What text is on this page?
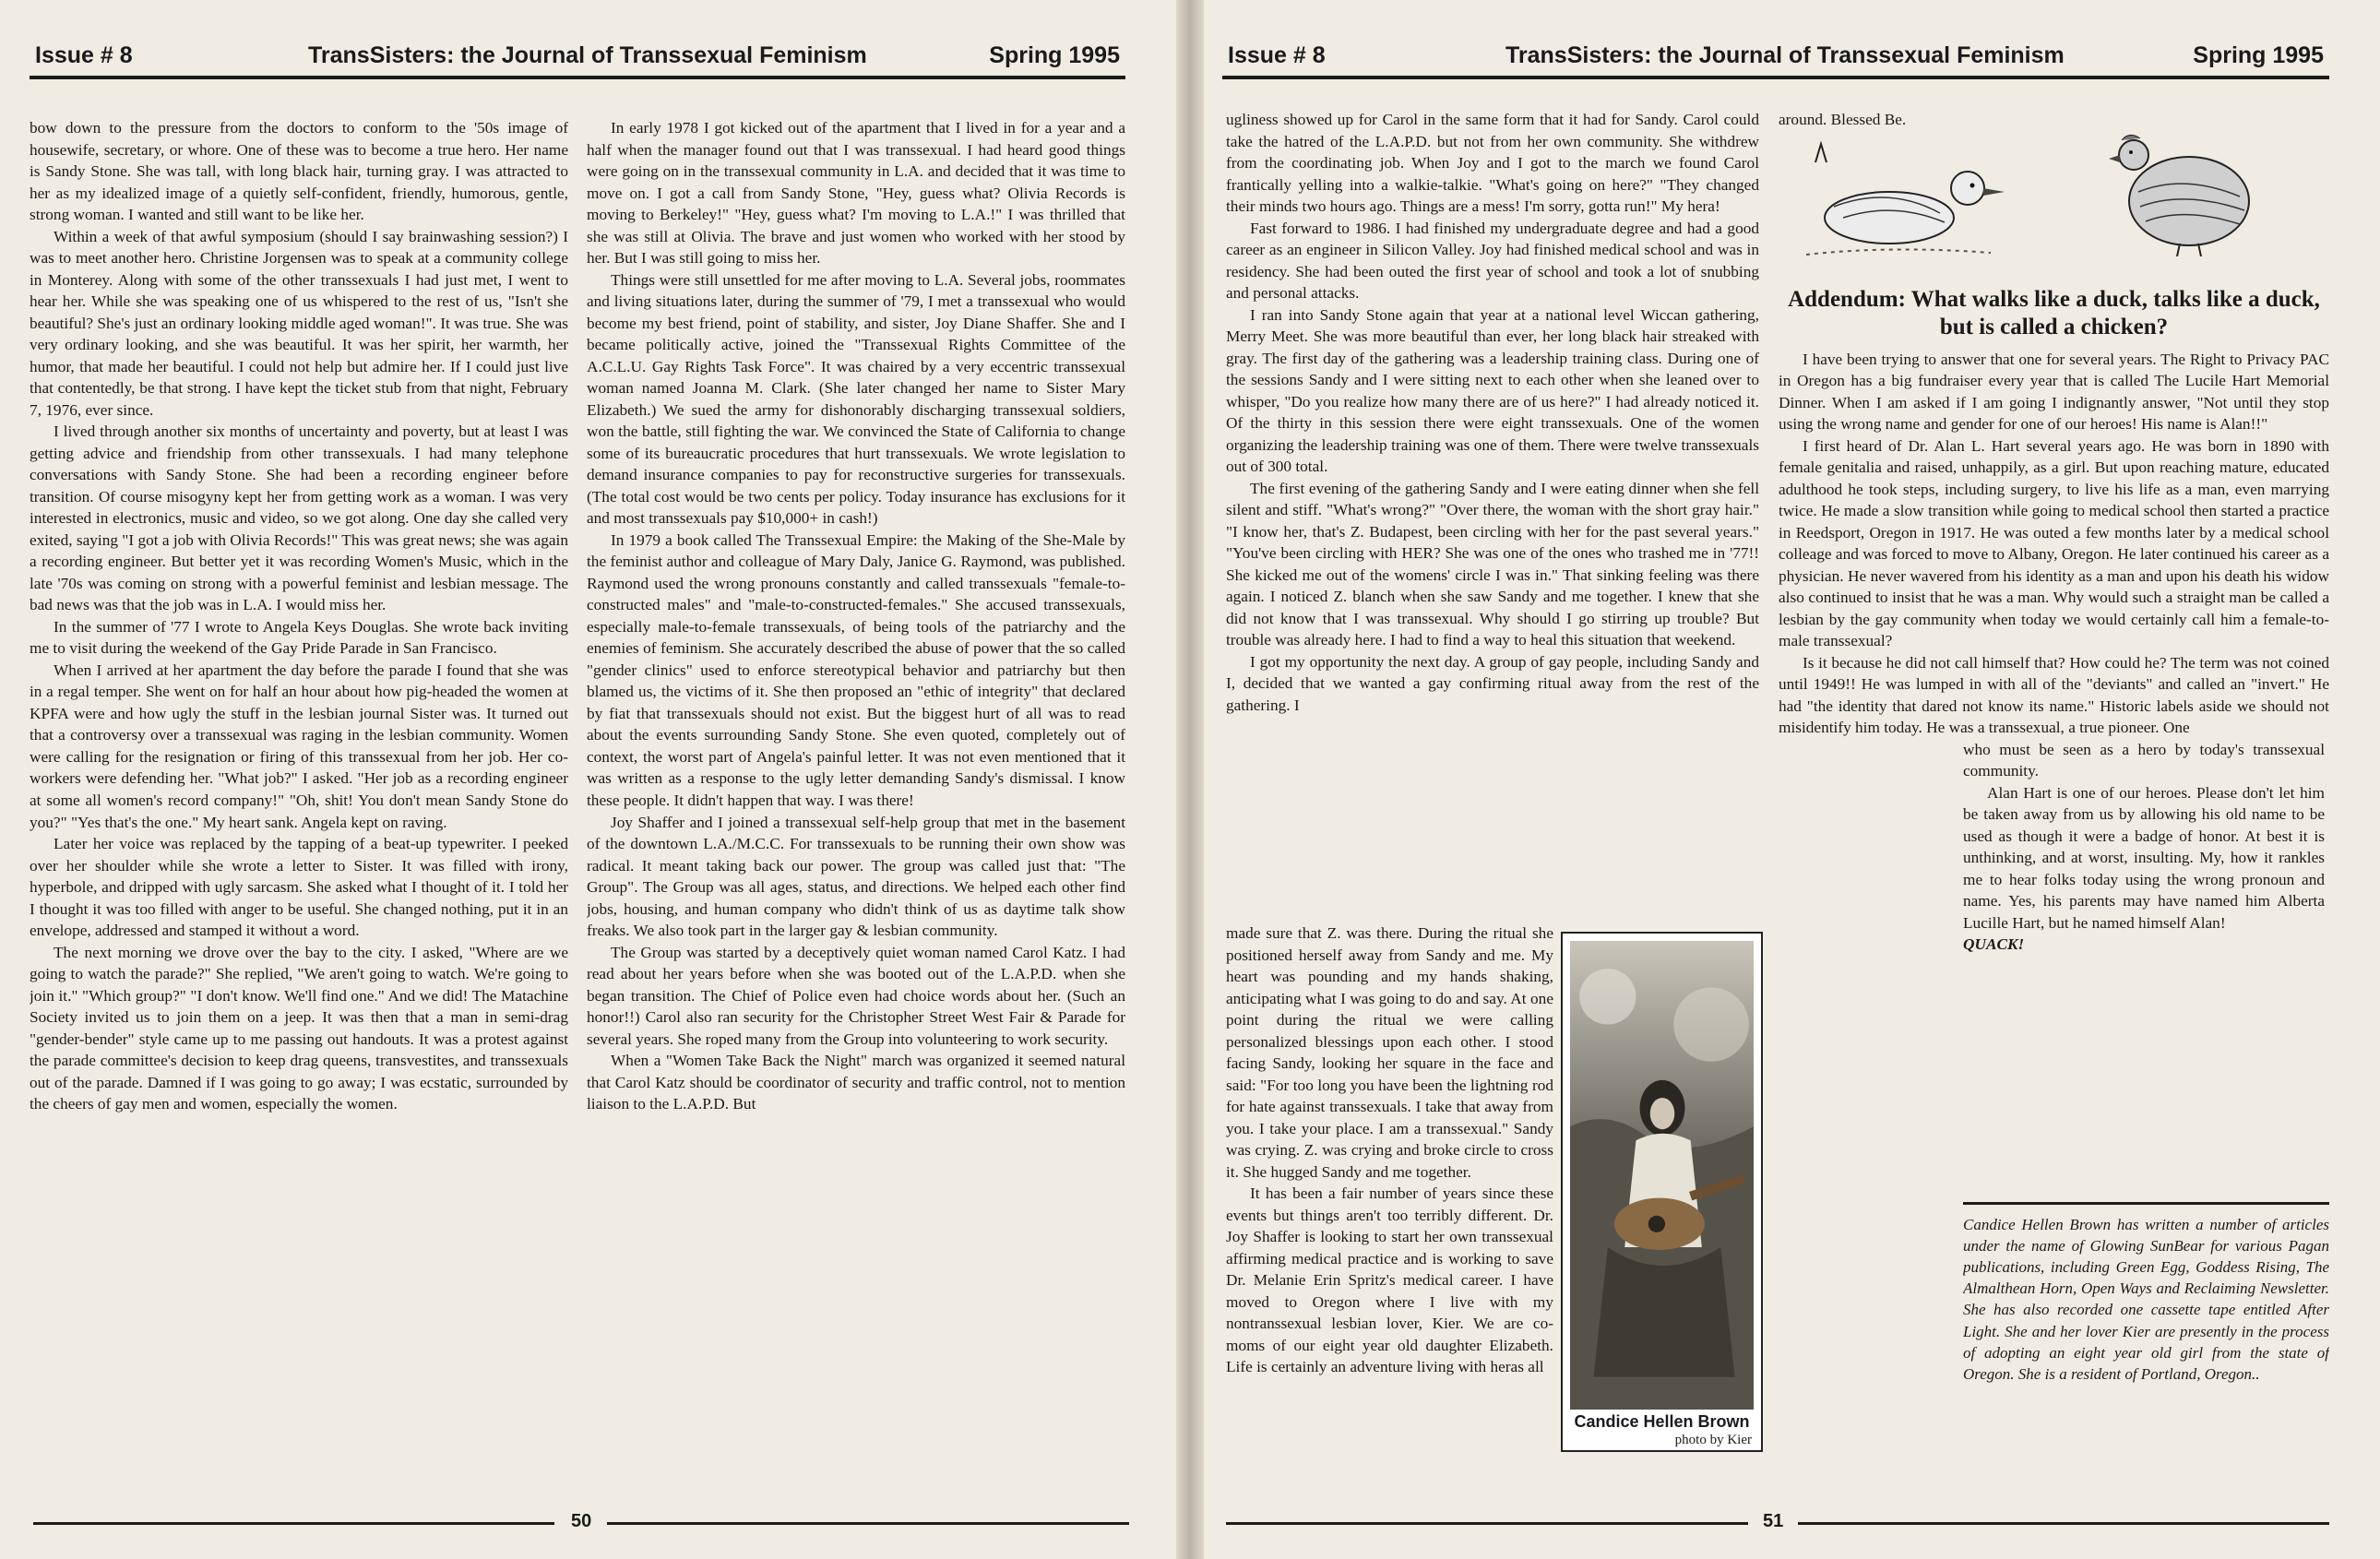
Issue # 8	TransSisters: the Journal of Transsexual Feminism	Spring 1995

bow down to the pressure from the doctors to conform to the '50s image of housewife, secretary, or whore. One of these was to become a true hero. Her name is Sandy Stone. She was tall, with long black hair, turning gray. I was attracted to her as my idealized image of a quietly self-confident, friendly, humorous, gentle, strong woman. I wanted and still want to be like her.

Within a week of that awful symposium (should I say brainwashing session?) I was to meet another hero. Christine Jorgensen was to speak at a community college in Monterey. Along with some of the other transsexuals I had just met, I went to hear her. While she was speaking one of us whispered to the rest of us, "Isn't she beautiful? She's just an ordinary looking middle aged woman!". It was true. She was very ordinary looking, and she was beautiful. It was her spirit, her warmth, her humor, that made her beautiful. I could not help but admire her. If I could just live that contentedly, be that strong. I have kept the ticket stub from that night, February 7, 1976, ever since.

I lived through another six months of uncertainty and poverty, but at least I was getting advice and friendship from other transsexuals. I had many telephone conversations with Sandy Stone. She had been a recording engineer before transition. Of course misogyny kept her from getting work as a woman. I was very interested in electronics, music and video, so we got along. One day she called very exited, saying "I got a job with Olivia Records!" This was great news; she was again a recording engineer. But better yet it was recording Women's Music, which in the late '70s was coming on strong with a powerful feminist and lesbian message. The bad news was that the job was in L.A. I would miss her.

In the summer of '77 I wrote to Angela Keys Douglas. She wrote back inviting me to visit during the weekend of the Gay Pride Parade in San Francisco.

When I arrived at her apartment the day before the parade I found that she was in a regal temper. She went on for half an hour about how pig-headed the women at KPFA were and how ugly the stuff in the lesbian journal Sister was. It turned out that a controversy over a transsexual was raging in the lesbian community. Women were calling for the resignation or firing of this transsexual from her job. Her co-workers were defending her. "What job?" I asked. "Her job as a recording engineer at some all women's record company!" "Oh, shit! You don't mean Sandy Stone do you?" "Yes that's the one." My heart sank. Angela kept on raving.

Later her voice was replaced by the tapping of a beat-up typewriter. I peeked over her shoulder while she wrote a letter to Sister. It was filled with irony, hyperbole, and dripped with ugly sarcasm. She asked what I thought of it. I told her I thought it was too filled with anger to be useful. She changed nothing, put it in an envelope, addressed and stamped it without a word.

The next morning we drove over the bay to the city. I asked, "Where are we going to watch the parade?" She replied, "We aren't going to watch. We're going to join it." "Which group?" "I don't know. We'll find one." And we did! The Matachine Society invited us to join them on a jeep. It was then that a man in semi-drag "gender-bender" style came up to me passing out handouts. It was a protest against the parade committee's decision to keep drag queens, transvestites, and transsexuals out of the parade. Damned if I was going to go away; I was ecstatic, surrounded by the cheers of gay men and women, especially the women.

In early 1978 I got kicked out of the apartment that I lived in for a year and a half when the manager found out that I was transsexual. I had heard good things were going on in the transsexual community in L.A. and decided that it was time to move on. I got a call from Sandy Stone, "Hey, guess what? Olivia Records is moving to Berkeley!" "Hey, guess what? I'm moving to L.A.!" I was thrilled that she was still at Olivia. The brave and just women who worked with her stood by her. But I was still going to miss her.

Things were still unsettled for me after moving to L.A. Several jobs, roommates and living situations later, during the summer of '79, I met a transsexual who would become my best friend, point of stability, and sister, Joy Diane Shaffer. She and I became politically active, joined the "Transsexual Rights Committee of the A.C.L.U. Gay Rights Task Force". It was chaired by a very eccentric transsexual woman named Joanna M. Clark. (She later changed her name to Sister Mary Elizabeth.) We sued the army for dishonorably discharging transsexual soldiers, won the battle, still fighting the war. We convinced the State of California to change some of its bureaucratic procedures that hurt transsexuals. We wrote legislation to demand insurance companies to pay for reconstructive surgeries for transsexuals. (The total cost would be two cents per policy. Today insurance has exclusions for it and most transsexuals pay $10,000+ in cash!)

In 1979 a book called The Transsexual Empire: the Making of the She-Male by the feminist author and colleague of Mary Daly, Janice G. Raymond, was published. Raymond used the wrong pronouns constantly and called transsexuals "female-to-constructed males" and "male-to-constructed-females." She accused transsexuals, especially male-to-female transsexuals, of being tools of the patriarchy and the enemies of feminism. She accurately described the abuse of power that the so called "gender clinics" used to enforce stereotypical behavior and patriarchy but then blamed us, the victims of it. She then proposed an "ethic of integrity" that declared by fiat that transsexuals should not exist. But the biggest hurt of all was to read about the events surrounding Sandy Stone. She even quoted, completely out of context, the worst part of Angela's painful letter. It was not even mentioned that it was written as a response to the ugly letter demanding Sandy's dismissal. I know these people. It didn't happen that way. I was there!

Joy Shaffer and I joined a transsexual self-help group that met in the basement of the downtown L.A./M.C.C. For transsexuals to be running their own show was radical. It meant taking back our power. The group was called just that: "The Group". The Group was all ages, status, and directions. We helped each other find jobs, housing, and human company who didn't think of us as daytime talk show freaks. We also took part in the larger gay & lesbian community.

The Group was started by a deceptively quiet woman named Carol Katz. I had read about her years before when she was booted out of the L.A.P.D. when she began transition. The Chief of Police even had choice words about her. (Such an honor!!) Carol also ran security for the Christopher Street West Fair & Parade for several years. She roped many from the Group into volunteering to work security.

When a "Women Take Back the Night" march was organized it seemed natural that Carol Katz should be coordinator of security and traffic control, not to mention liaison to the L.A.P.D. But

50
Issue # 8	TransSisters: the Journal of Transsexual Feminism	Spring 1995

ugliness showed up for Carol in the same form that it had for Sandy. Carol could take the hatred of the L.A.P.D. but not from her own community. She withdrew from the coordinating job. When Joy and I got to the march we found Carol frantically yelling into a walkie-talkie. "What's going on here?" "They changed their minds two hours ago. Things are a mess! I'm sorry, gotta run!" My hera!

Fast forward to 1986. I had finished my undergraduate degree and had a good career as an engineer in Silicon Valley. Joy had finished medical school and was in residency. She had been outed the first year of school and took a lot of snubbing and personal attacks.

I ran into Sandy Stone again that year at a national level Wiccan gathering, Merry Meet. She was more beautiful than ever, her long black hair streaked with gray. The first day of the gathering was a leadership training class. During one of the sessions Sandy and I were sitting next to each other when she leaned over to whisper, "Do you realize how many there are of us here?" I had already noticed it. Of the thirty in this session there were eight transsexuals. One of the women organizing the leadership training was one of them. There were twelve transsexuals out of 300 total.

The first evening of the gathering Sandy and I were eating dinner when she fell silent and stiff. "What's wrong?" "Over there, the woman with the short gray hair." "I know her, that's Z. Budapest, been circling with her for the past several years." "You've been circling with HER? She was one of the ones who trashed me in '77!! She kicked me out of the womens' circle I was in." That sinking feeling was there again. I noticed Z. blanch when she saw Sandy and me together. I knew that she did not know that I was transsexual. Why should I go stirring up trouble? But trouble was already here. I had to find a way to heal this situation that weekend.

I got my opportunity the next day. A group of gay people, including Sandy and I, decided that we wanted a gay confirming ritual away from the rest of the gathering. I

made sure that Z. was there. During the ritual she positioned herself away from Sandy and me. My heart was pounding and my hands shaking, anticipating what I was going to do and say. At one point during the ritual we were calling personalized blessings upon each other. I stood facing Sandy, looking her square in the face and said: "For too long you have been the lightning rod for hate against transsexuals. I take that away from you. I take your place. I am a transsexual." Sandy was crying. Z. was crying and broke circle to cross it. She hugged Sandy and me together.

It has been a fair number of years since these events but things aren't too terribly different. Dr. Joy Shaffer is looking to start her own transsexual affirming medical practice and is working to save Dr. Melanie Erin Spritz's medical career. I have moved to Oregon where I live with my nontranssexual lesbian lover, Kier. We are co-moms of our eight year old daughter Elizabeth. Life is certainly an adventure living with heras all

Candice Hellen Brown
photo by Kier

around. Blessed Be.

Addendum: What walks like a duck, talks like a duck, but is called a chicken?

I have been trying to answer that one for several years. The Right to Privacy PAC in Oregon has a big fundraiser every year that is called The Lucile Hart Memorial Dinner. When I am asked if I am going I indignantly answer, "Not until they stop using the wrong name and gender for one of our heroes! His name is Alan!!"

I first heard of Dr. Alan L. Hart several years ago. He was born in 1890 with female genitalia and raised, unhappily, as a girl. But upon reaching mature, educated adulthood he took steps, including surgery, to live his life as a man, even marrying twice. He made a slow transition while going to medical school then started a practice in Reedsport, Oregon in 1917. He was outed a few months later by a medical school colleage and was forced to move to Albany, Oregon. He later continued his career as a physician. He never wavered from his identity as a man and upon his death his widow also continued to insist that he was a man. Why would such a straight man be called a lesbian by the gay community when today we would certainly call him a female-to-male transsexual?

Is it because he did not call himself that? How could he? The term was not coined until 1949!! He was lumped in with all of the "deviants" and called an "invert." He had "the identity that dared not know its name." Historic labels aside we should not misidentify him today. He was a transsexual, a true pioneer. One

who must be seen as a hero by today's transsexual community.

Alan Hart is one of our heroes. Please don't let him be taken away from us by allowing his old name to be used as though it were a badge of honor. At best it is unthinking, and at worst, insulting. My, how it rankles me to hear folks today using the wrong pronoun and name. Yes, his parents may have named him Alberta Lucille Hart, but he named himself Alan!

QUACK!

Candice Hellen Brown has written a number of articles under the name of Glowing SunBear for various Pagan publications, including Green Egg, Goddess Rising, The Almalthean Horn, Open Ways and Reclaiming Newsletter. She has also recorded one cassette tape entitled After Light. She and her lover Kier are presently in the process of adopting an eight year old girl from the state of Oregon. She is a resident of Portland, Oregon..

51
